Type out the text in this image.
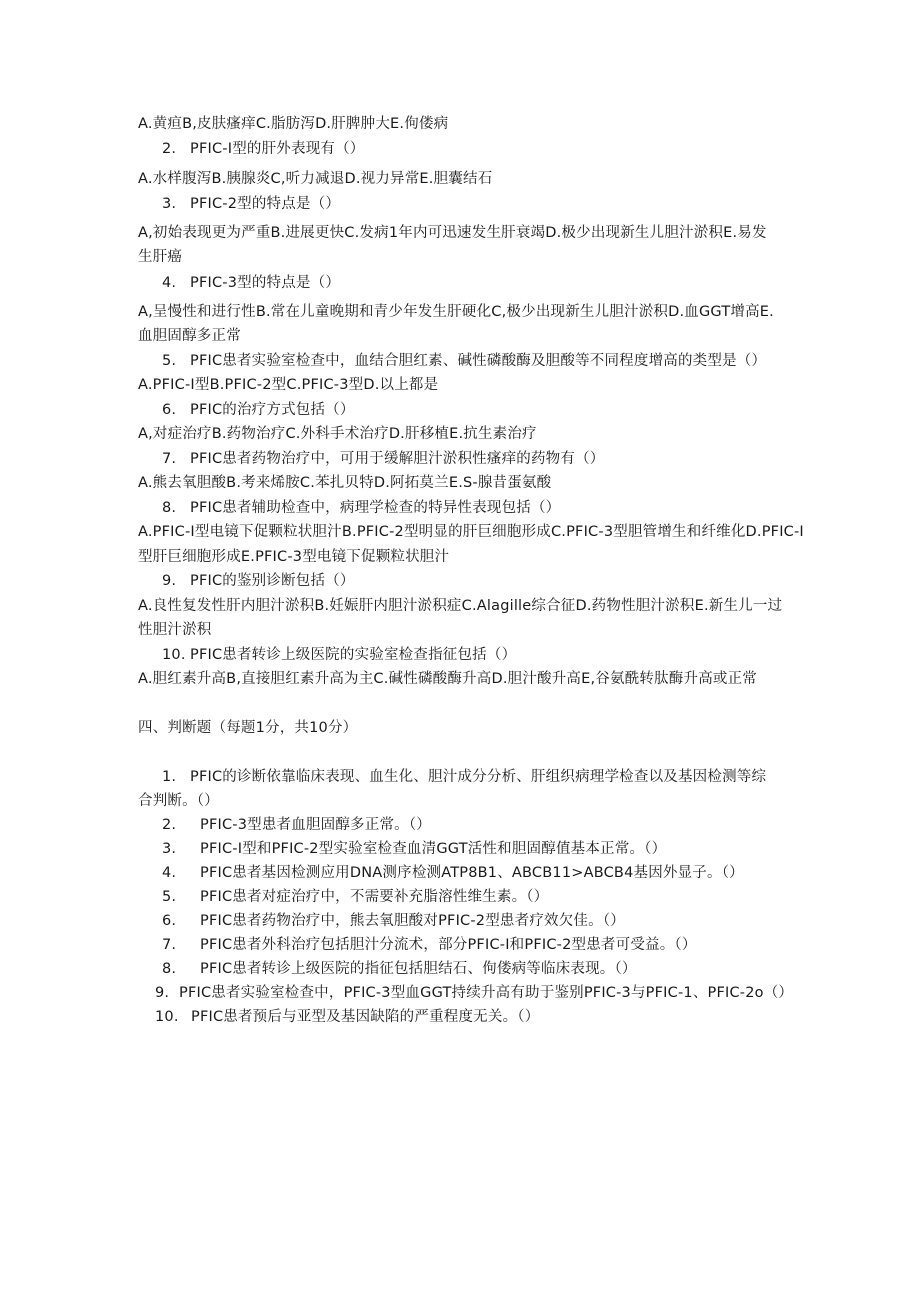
A.黄疸B,皮肤瘙痒C.脂肪泻D.肝脾肿大E.佝偻病
2. PFIC-I型的肝外表现有（）
A.水样腹泻B.胰腺炎C,听力减退D.视力异常E.胆囊结石
3. PFIC-2型的特点是（）
A,初始表现更为严重B.进展更快C.发病1年内可迅速发生肝衰竭D.极少出现新生儿胆汁淤积E.易发
生肝癌
4. PFIC-3型的特点是（）
A,呈慢性和进行性B.常在儿童晚期和青少年发生肝硬化C,极少出现新生儿胆汁淤积D.血GGT增高E.
血胆固醇多正常
5. PFIC患者实验室检查中，血结合胆红素、碱性磷酸酶及胆酸等不同程度增高的类型是（）
A.PFIC-I型B.PFIC-2型C.PFIC-3型D.以上都是
6. PFIC的治疗方式包括（）
A,对症治疗B.药物治疗C.外科手术治疗D.肝移植E.抗生素治疗
7. PFIC患者药物治疗中，可用于缓解胆汁淤积性瘙痒的药物有（）
A.熊去氧胆酸B.考来烯胺C.苯扎贝特D.阿拓莫兰E.S-腺昔蛋氨酸
8. PFIC患者辅助检查中，病理学检查的特异性表现包括（）
A.PFIC-I型电镜下促颗粒状胆汁B.PFIC-2型明显的肝巨细胞形成C.PFIC-3型胆管增生和纤维化D.PFIC-I
型肝巨细胞形成E.PFIC-3型电镜下促颗粒状胆汁
9. PFIC的鉴别诊断包括（）
A.良性复发性肝内胆汁淤积B.妊娠肝内胆汁淤积症C.Alagille综合征D.药物性胆汁淤积E.新生儿一过
性胆汁淤积
10. PFIC患者转诊上级医院的实验室检查指征包括（）
A.胆红素升高B,直接胆红素升高为主C.碱性磷酸酶升高D.胆汁酸升高E,谷氨酰转肽酶升高或正常
四、判断题（每题1分，共10分）
1. PFIC的诊断依靠临床表现、血生化、胆汁成分分析、肝组织病理学检查以及基因检测等综
合判断。（）
2. PFIC-3型患者血胆固醇多正常。（）
3. PFIC-I型和PFIC-2型实验室检查血清GGT活性和胆固醇值基本正常。（）
4. PFIC患者基因检测应用DNA测序检测ATP8B1、ABCB11>ABCB4基因外显子。（）
5. PFIC患者对症治疗中，不需要补充脂溶性维生素。（）
6. PFIC患者药物治疗中，熊去氧胆酸对PFIC-2型患者疗效欠佳。（）
7. PFIC患者外科治疗包括胆汁分流术，部分PFIC-I和PFIC-2型患者可受益。（）
8. PFIC患者转诊上级医院的指征包括胆结石、佝偻病等临床表现。（）
9. PFIC患者实验室检查中，PFIC-3型血GGT持续升高有助于鉴别PFIC-3与PFIC-1、PFIC-2o（）
10. PFIC患者预后与亚型及基因缺陷的严重程度无关。（）
